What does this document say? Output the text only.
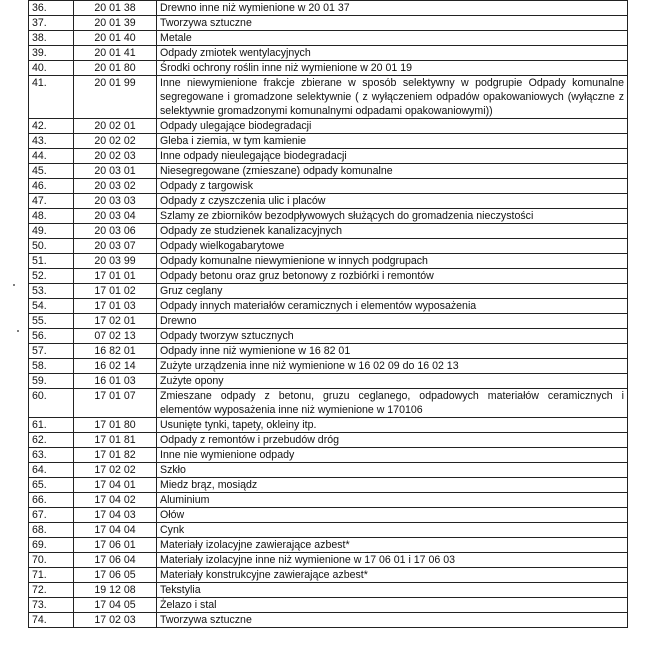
36.	20 01 38	Drewno inne niż wymienione w 20 01 37
37.	20 01 39	Tworzywa sztuczne
38.	20 01 40	Metale
39.	20 01 41	Odpady zmiotek wentylacyjnych
40.	20 01 80	Środki ochrony roślin inne niż wymienione w 20 01 19
41.	20 01 99	Inne niewymienione frakcje zbierane w sposób selektywny w podgrupie Odpady komunalne segregowane i gromadzone selektywnie ( z wyłączeniem odpadów opakowaniowych (wyłączne z selektywnie gromadzonymi komunalnymi odpadami opakowaniowymi))
42.	20 02 01	Odpady ulegające biodegradacji
43.	20 02 02	Gleba i ziemia, w tym kamienie
44.	20 02 03	Inne odpady nieulegające biodegradacji
45.	20 03 01	Niesegregowane (zmieszane) odpady komunalne
46.	20 03 02	Odpady z targowisk
47.	20 03 03	Odpady z czyszczenia ulic i placów
48.	20 03 04	Szlamy ze zbiorników bezodpływowych służących do gromadzenia nieczystości
49.	20 03 06	Odpady ze studzienek kanalizacyjnych
50.	20 03 07	Odpady wielkogabarytowe
51.	20 03 99	Odpady komunalne niewymienione w innych podgrupach
52.	17 01 01	Odpady betonu oraz gruz betonowy z rozbiórki i remontów
53.	17 01 02	Gruz ceglany
54.	17 01 03	Odpady innych materiałów ceramicznych i elementów wyposażenia
55.	17 02 01	Drewno
56.	07 02 13	Odpady tworzyw sztucznych
57.	16 82 01	Odpady inne niż wymienione w 16 82 01
58.	16 02 14	Zużyte urządzenia inne niż wymienione w 16 02 09 do 16 02 13
59.	16 01 03	Zużyte opony
60.	17 01 07	Zmieszane odpady z betonu, gruzu ceglanego, odpadowych materiałów ceramicznych i elementów wyposażenia inne niż wymienione w 170106
61.	17 01 80	Usunięte tynki, tapety, okleiny itp.
62.	17 01 81	Odpady z remontów i przebudów dróg
63.	17 01 82	Inne nie wymienione odpady
64.	17 02 02	Szkło
65.	17 04 01	Miedz brąz, mosiądz
66.	17 04 02	Aluminium
67.	17 04 03	Ołów
68.	17 04 04	Cynk
69.	17 06 01	Materiały izolacyjne zawierające azbest*
70.	17 06 04	Materiały izolacyjne inne niż wymienione w 17 06 01 i 17 06 03
71.	17 06 05	Materiały konstrukcyjne zawierające azbest*
72.	19 12 08	Tekstylia
73.	17 04 05	Żelazo i stal
74.	17 02 03	Tworzywa sztuczne
